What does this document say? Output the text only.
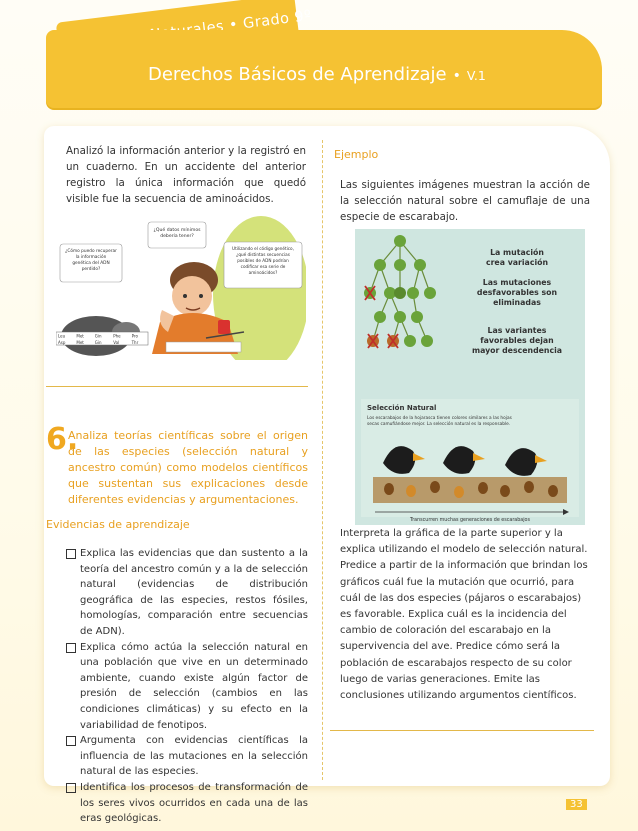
Derechos Básicos de Aprendizaje • V.1
Analizó la información anterior y la registró en un cuaderno. En un accidente del anterior registro la única información que quedó visible fue la secuencia de aminoácidos.
¿Qué datos mínimos debería tener?
¿Cómo puedo recuperar la información genética del ADN perdido?
Utilizando el código genético, ¿qué distintas secuencias posibles de ADN podrían codificar esa serie de aminoácidos?
Leu	Met	Gin	Phe	Pro
Asp	Met	Gin	Val	Thr
6.
Analiza teorías científicas sobre el origen de las especies (selección natural y ancestro común) como modelos científicos que sustentan sus explicaciones desde diferentes evidencias y argumentaciones.
Evidencias de aprendizaje
Explica las evidencias que dan sustento a la teoría del ancestro común y a la de selección natural (evidencias de distribución geográfica de las especies, restos fósiles, homologías, comparación entre secuencias de ADN).
Explica cómo actúa la selección natural en una población que vive en un determinado ambiente, cuando existe algún factor de presión de selección (cambios en las condiciones climáticas) y su efecto en la variabilidad de fenotipos.
Argumenta con evidencias científicas la influencia de las mutaciones en la selección natural de las especies.
Identifica los procesos de transformación de los seres vivos ocurridos en cada una de las eras geológicas.
Ejemplo
Las siguientes imágenes muestran la acción de la selección natural sobre el camuflaje de una especie de escarabajo.
La mutación crea variación
Las mutaciones desfavorables son eliminadas
Las variantes favorables dejan mayor descendencia
Selección Natural
Los escarabajos de la hojarasca tienen colores similares a las hojas secas camufiándose mejor. La selección natural es la responsable.
Transcurren muchas generaciones de escarabajos
Interpreta la gráfica de la parte superior y la explica utilizando el modelo de selección natural. Predice a partir de la información que brindan los gráficos cuál fue la mutación que ocurrió, para cuál de las dos especies (pájaros o escarabajos) es favorable. Explica cuál es la incidencia del cambio de coloración del escarabajo en la supervivencia del ave. Predice cómo será la población de escarabajos respecto de su color luego de varias generaciones. Emite las conclusiones utilizando argumentos científicos.
33
